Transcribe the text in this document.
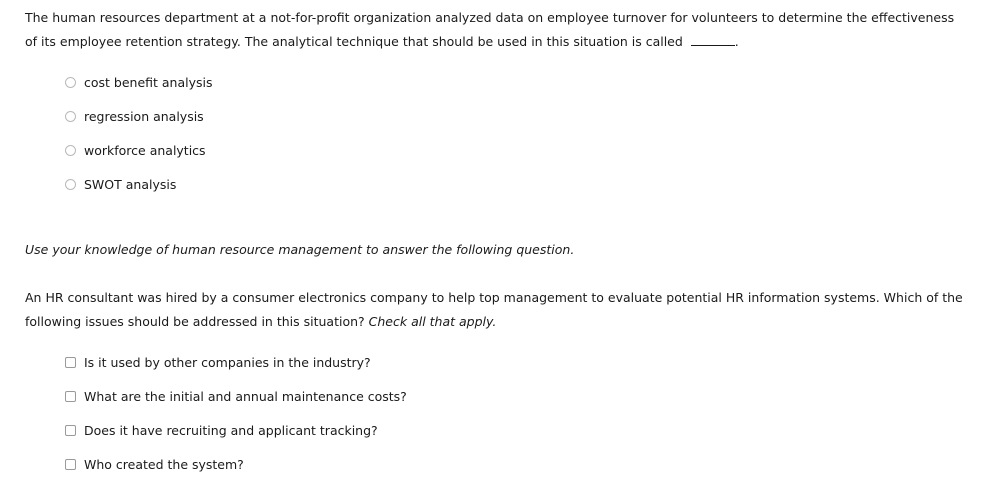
The human resources department at a not-for-profit organization analyzed data on employee turnover for volunteers to determine the effectiveness of its employee retention strategy. The analytical technique that should be used in this situation is called	.

cost benefit analysis
regression analysis
workforce analytics
SWOT analysis

Use your knowledge of human resource management to answer the following question.

An HR consultant was hired by a consumer electronics company to help top management to evaluate potential HR information systems. Which of the following issues should be addressed in this situation? Check all that apply.

Is it used by other companies in the industry?
What are the initial and annual maintenance costs?
Does it have recruiting and applicant tracking?
Who created the system?
